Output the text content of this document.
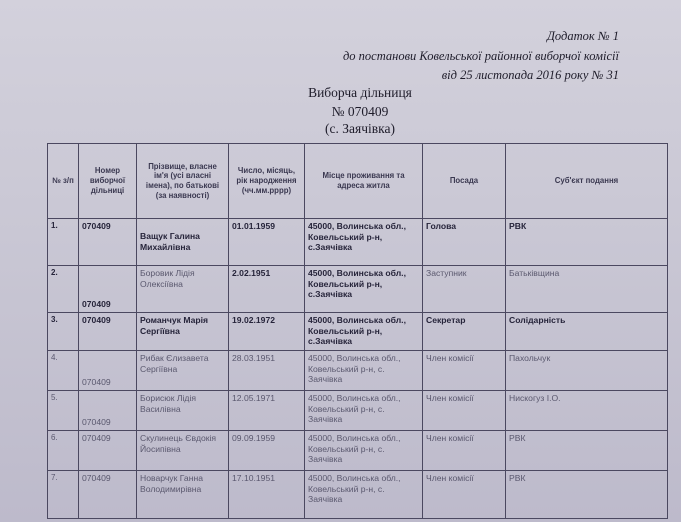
Додаток № 1
до постанови Ковельської районної виборчої комісії
від 25 листопада 2016 року № 31
Виборча дільниця
№ 070409
(с. Заячівка)
№ з/п	Номер виборчої дільниці	Прізвище, власне ім'я (усі власні імена), по батькові (за наявності)	Число, місяць, рік народження (чч.мм.рррр)	Місце проживання та адреса житла	Посада	Суб'єкт подання
1.	070409	Ващук Галина Михайлівна	01.01.1959	45000, Волинська обл., Ковельський р-н, с.Заячівка	Голова	РВК
2.	070409	Боровик Лідія Олексіївна	2.02.1951	45000, Волинська обл., Ковельський р-н, с.Заячівка	Заступник	Батьківщина
3.	070409	Романчук Марія Сергіївна	19.02.1972	45000, Волинська обл., Ковельський р-н, с.Заячівка	Секретар	Солідарність
4.	070409	Рибак Єлизавета Сергіївна	28.03.1951	45000, Волинська обл., Ковельський р-н, с. Заячівка	Член комісії	Пахольчук
5.	070409	Борисюк Лідія Василівна	12.05.1971	45000, Волинська обл., Ковельський р-н, с. Заячівка	Член комісії	Нискогуз І.О.
6.	070409	Скулинець Євдокія Йосипівна	09.09.1959	45000, Волинська обл., Ковельський р-н, с. Заячівка	Член комісії	РВК
7.	070409	Новарчук Ганна Володимирівна	17.10.1951	45000, Волинська обл., Ковельський р-н, с. Заячівка	Член комісії	РВК
